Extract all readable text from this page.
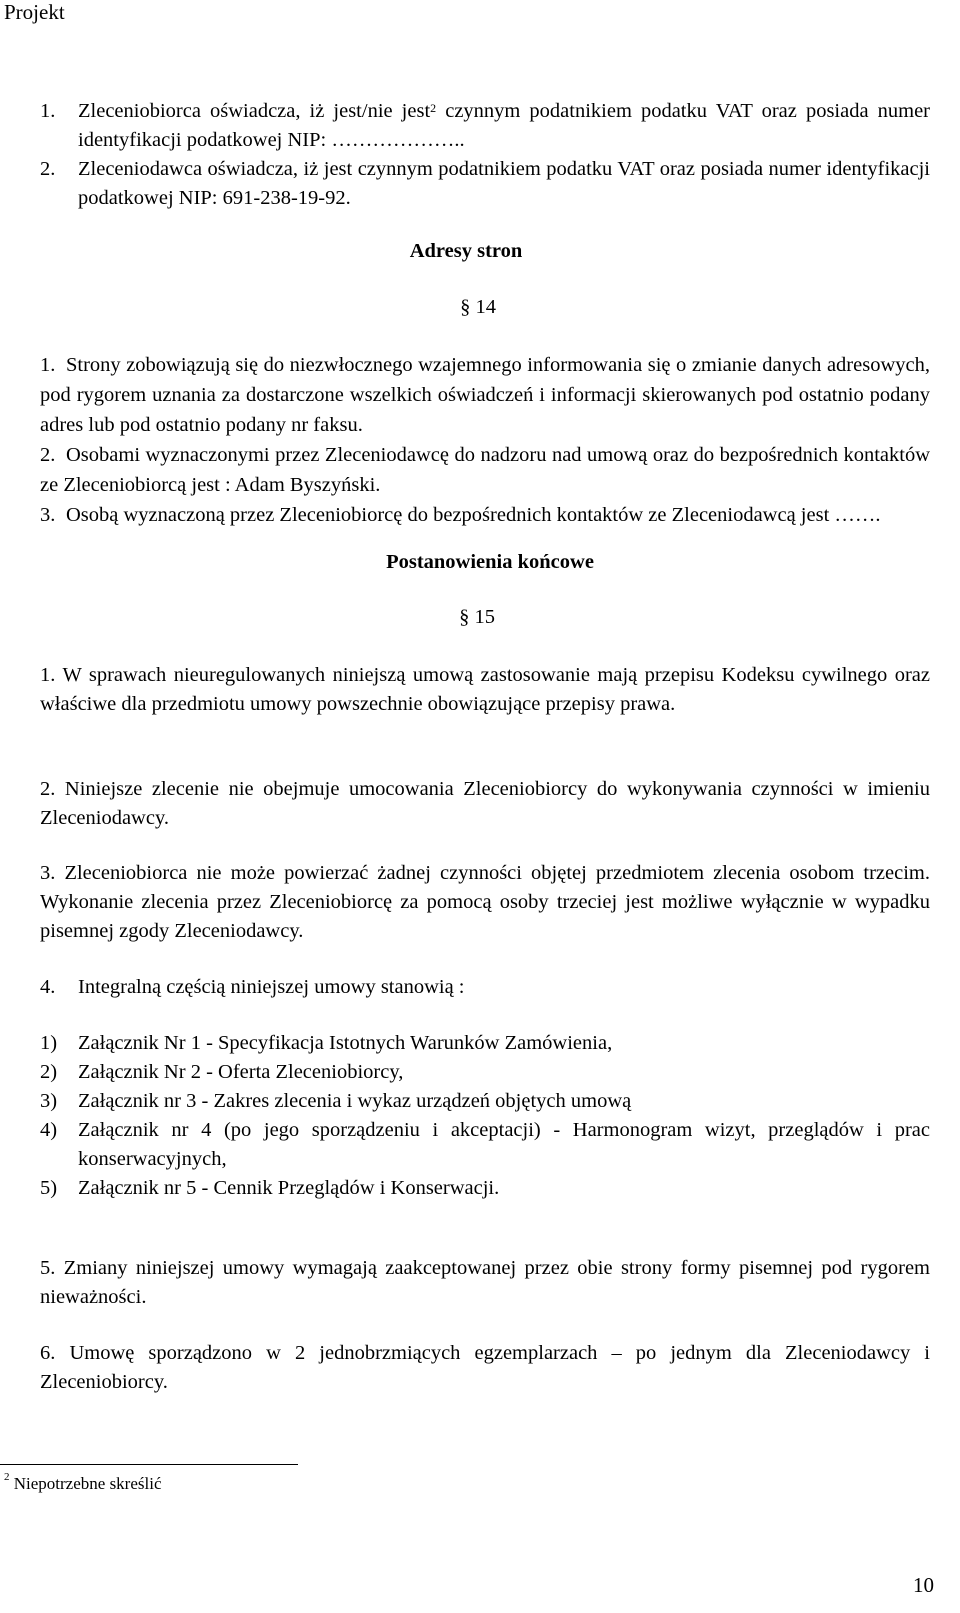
Projekt
1.	Zleceniobiorca oświadcza, iż jest/nie jest$^2$ czynnym podatnikiem podatku VAT oraz posiada numer identyfikacji podatkowej NIP: ………………..
2.	Zleceniodawca oświadcza, iż jest czynnym podatnikiem podatku VAT oraz posiada numer identyfikacji podatkowej NIP: 691-238-19-92.
Adresy stron
§ 14
1. Strony zobowiązują się do niezwłocznego wzajemnego informowania się o zmianie danych adresowych, pod rygorem uznania za dostarczone wszelkich oświadczeń i informacji skierowanych pod ostatnio podany adres lub pod ostatnio podany nr faksu.
2. Osobami wyznaczonymi przez Zleceniodawcę do nadzoru nad umową oraz do bezpośrednich kontaktów ze Zleceniobiorcą jest : Adam Byszyński.
3. Osobą wyznaczoną przez Zleceniobiorcę do bezpośrednich kontaktów ze Zleceniodawcą jest …….
Postanowienia końcowe
§ 15
1. W sprawach nieuregulowanych niniejszą umową zastosowanie mają przepisu Kodeksu cywilnego oraz właściwe dla przedmiotu umowy powszechnie obowiązujące przepisy prawa.
2. Niniejsze zlecenie nie obejmuje umocowania Zleceniobiorcy do wykonywania czynności w imieniu Zleceniodawcy.
3. Zleceniobiorca nie może powierzać żadnej czynności objętej przedmiotem zlecenia osobom trzecim. Wykonanie zlecenia przez Zleceniobiorcę za pomocą osoby trzeciej jest możliwe wyłącznie w wypadku pisemnej zgody Zleceniodawcy.
4. Integralną częścią niniejszej umowy stanowią :
1)	Załącznik Nr 1 - Specyfikacja Istotnych Warunków Zamówienia,
2)	Załącznik Nr 2 - Oferta Zleceniobiorcy,
3)	Załącznik nr 3 - Zakres zlecenia i wykaz urządzeń objętych umową
4)	Załącznik nr 4 (po jego sporządzeniu i akceptacji) - Harmonogram wizyt, przeglądów i prac konserwacyjnych,
5)	Załącznik nr 5 - Cennik Przeglądów i Konserwacji.
5. Zmiany niniejszej umowy wymagają zaakceptowanej przez obie strony formy pisemnej pod rygorem nieważności.
6. Umowę sporządzono w 2 jednobrzmiących egzemplarzach – po jednym dla Zleceniodawcy i Zleceniobiorcy.
$^2$ Niepotrzebne skreślić
10
